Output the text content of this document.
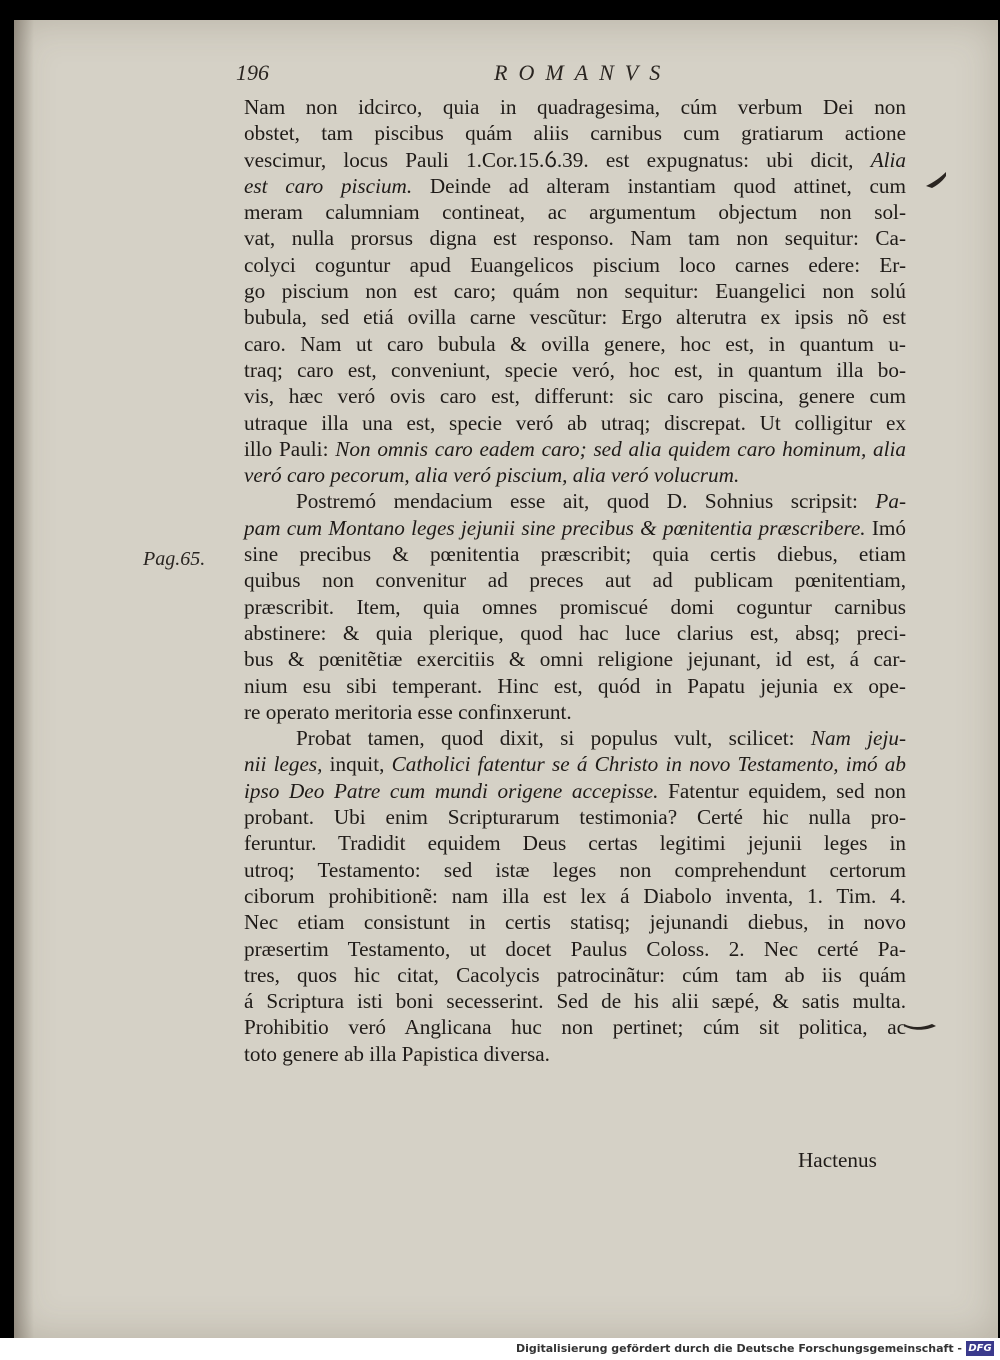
196	ROMANVS
Pag.65.
Nam non idcirco, quia in quadragesima, cúm verbum Dei non
obstet, tam piscibus quám aliis carnibus cum gratiarum actione
vescimur, locus Pauli 1.Cor.15.ỽ.39. est expugnatus: ubi dicit, Alia
est caro piscium. Deinde ad alteram instantiam quod attinet, cum
meram calumniam contineat, ac argumentum objectum non sol-
vat, nulla prorsus digna est responso. Nam tam non sequitur: Ca-
colyci coguntur apud Euangelicos piscium loco carnes edere: Er-
go piscium non est caro; quám non sequitur: Euangelici non solú
bubula, sed etiá ovilla carne vescũtur: Ergo alterutra ex ipsis nõ est
caro. Nam ut caro bubula & ovilla genere, hoc est, in quantum u-
traq; caro est, conveniunt, specie veró, hoc est, in quantum illa bo-
vis, hæc veró ovis caro est, differunt: sic caro piscina, genere cum
utraque illa una est, specie veró ab utraq; discrepat. Ut colligitur ex
illo Pauli: Non omnis caro eadem caro; sed alia quidem caro hominum, alia
veró caro pecorum, alia veró piscium, alia veró volucrum.
Postremó mendacium esse ait, quod D. Sohnius scripsit: Pa-
pam cum Montano leges jejunii sine precibus & pœnitentia præscribere. Imó
sine precibus & pœnitentia præscribit; quia certis diebus, etiam
quibus non convenitur ad preces aut ad publicam pœnitentiam,
præscribit. Item, quia omnes promiscué domi coguntur carnibus
abstinere: & quia plerique, quod hac luce clarius est, absq; preci-
bus & pœnitẽtiæ exercitiis & omni religione jejunant, id est, á car-
nium esu sibi temperant. Hinc est, quód in Papatu jejunia ex ope-
re operato meritoria esse confinxerunt.
Probat tamen, quod dixit, si populus vult, scilicet: Nam jeju-
nii leges, inquit, Catholici fatentur se á Christo in novo Testamento, imó ab
ipso Deo Patre cum mundi origene accepisse. Fatentur equidem, sed non
probant. Ubi enim Scripturarum testimonia? Certé hic nulla pro-
feruntur. Tradidit equidem Deus certas legitimi jejunii leges in
utroq; Testamento: sed istæ leges non comprehendunt certorum
ciborum prohibitionẽ: nam illa est lex á Diabolo inventa, 1. Tim. 4.
Nec etiam consistunt in certis statisq; jejunandi diebus, in novo
præsertim Testamento, ut docet Paulus Coloss. 2. Nec certé Pa-
tres, quos hic citat, Cacolycis patrocinãtur: cúm tam ab iis quám
á Scriptura isti boni secesserint. Sed de his alii sæpé, & satis multa.
Prohibitio veró Anglicana huc non pertinet; cúm sit politica, ac
toto genere ab illa Papistica diversa.
Hactenus
Digitalisierung gefördert durch die Deutsche Forschungsgemeinschaft - DFG
